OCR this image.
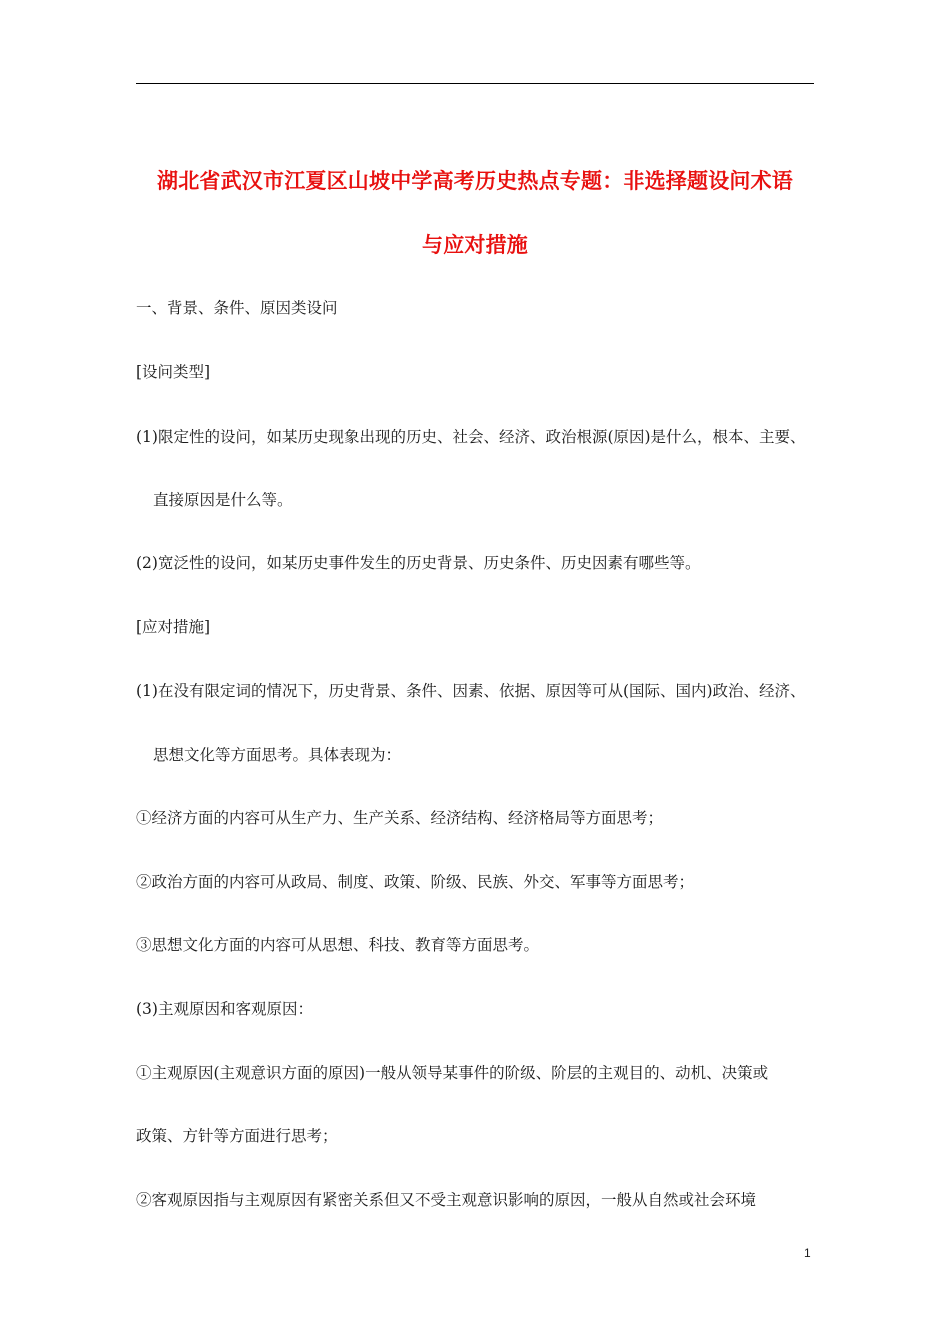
湖北省武汉市江夏区山坡中学高考历史热点专题：非选择题设问术语
与应对措施
一、背景、条件、原因类设问
[设问类型]
(1)限定性的设问，如某历史现象出现的历史、社会、经济、政治根源(原因)是什么，根本、主要、
直接原因是什么等。
(2)宽泛性的设问，如某历史事件发生的历史背景、历史条件、历史因素有哪些等。
[应对措施]
(1)在没有限定词的情况下，历史背景、条件、因素、依据、原因等可从(国际、国内)政治、经济、
思想文化等方面思考。具体表现为：
①经济方面的内容可从生产力、生产关系、经济结构、经济格局等方面思考；
②政治方面的内容可从政局、制度、政策、阶级、民族、外交、军事等方面思考；
③思想文化方面的内容可从思想、科技、教育等方面思考。
(3)主观原因和客观原因：
①主观原因(主观意识方面的原因)一般从领导某事件的阶级、阶层的主观目的、动机、决策或
政策、方针等方面进行思考；
②客观原因指与主观原因有紧密关系但又不受主观意识影响的原因，一般从自然或社会环境
1
